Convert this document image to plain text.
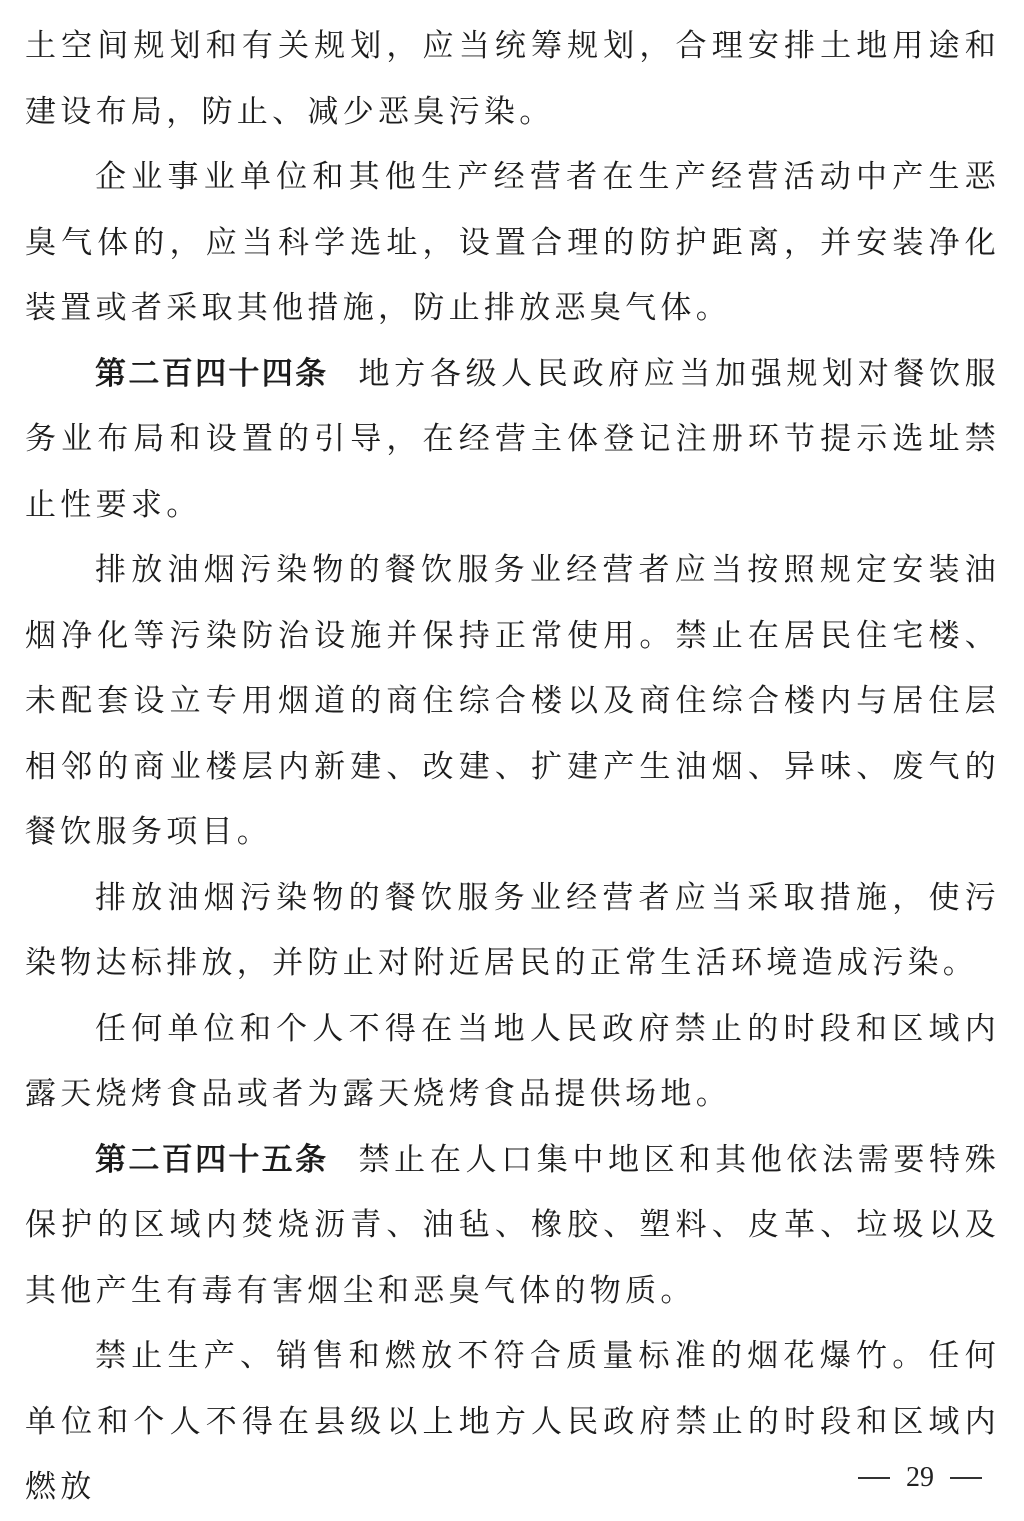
土空间规划和有关规划，应当统筹规划，合理安排土地用途和建设布局，防止、减少恶臭污染。

企业事业单位和其他生产经营者在生产经营活动中产生恶臭气体的，应当科学选址，设置合理的防护距离，并安装净化装置或者采取其他措施，防止排放恶臭气体。

第二百四十四条 地方各级人民政府应当加强规划对餐饮服务业布局和设置的引导，在经营主体登记注册环节提示选址禁止性要求。

排放油烟污染物的餐饮服务业经营者应当按照规定安装油烟净化等污染防治设施并保持正常使用。禁止在居民住宅楼、未配套设立专用烟道的商住综合楼以及商住综合楼内与居住层相邻的商业楼层内新建、改建、扩建产生油烟、异味、废气的餐饮服务项目。

排放油烟污染物的餐饮服务业经营者应当采取措施，使污染物达标排放，并防止对附近居民的正常生活环境造成污染。

任何单位和个人不得在当地人民政府禁止的时段和区域内露天烧烤食品或者为露天烧烤食品提供场地。

第二百四十五条 禁止在人口集中地区和其他依法需要特殊保护的区域内焚烧沥青、油毡、橡胶、塑料、皮革、垃圾以及其他产生有毒有害烟尘和恶臭气体的物质。

禁止生产、销售和燃放不符合质量标准的烟花爆竹。任何单位和个人不得在县级以上地方人民政府禁止的时段和区域内燃放	29
